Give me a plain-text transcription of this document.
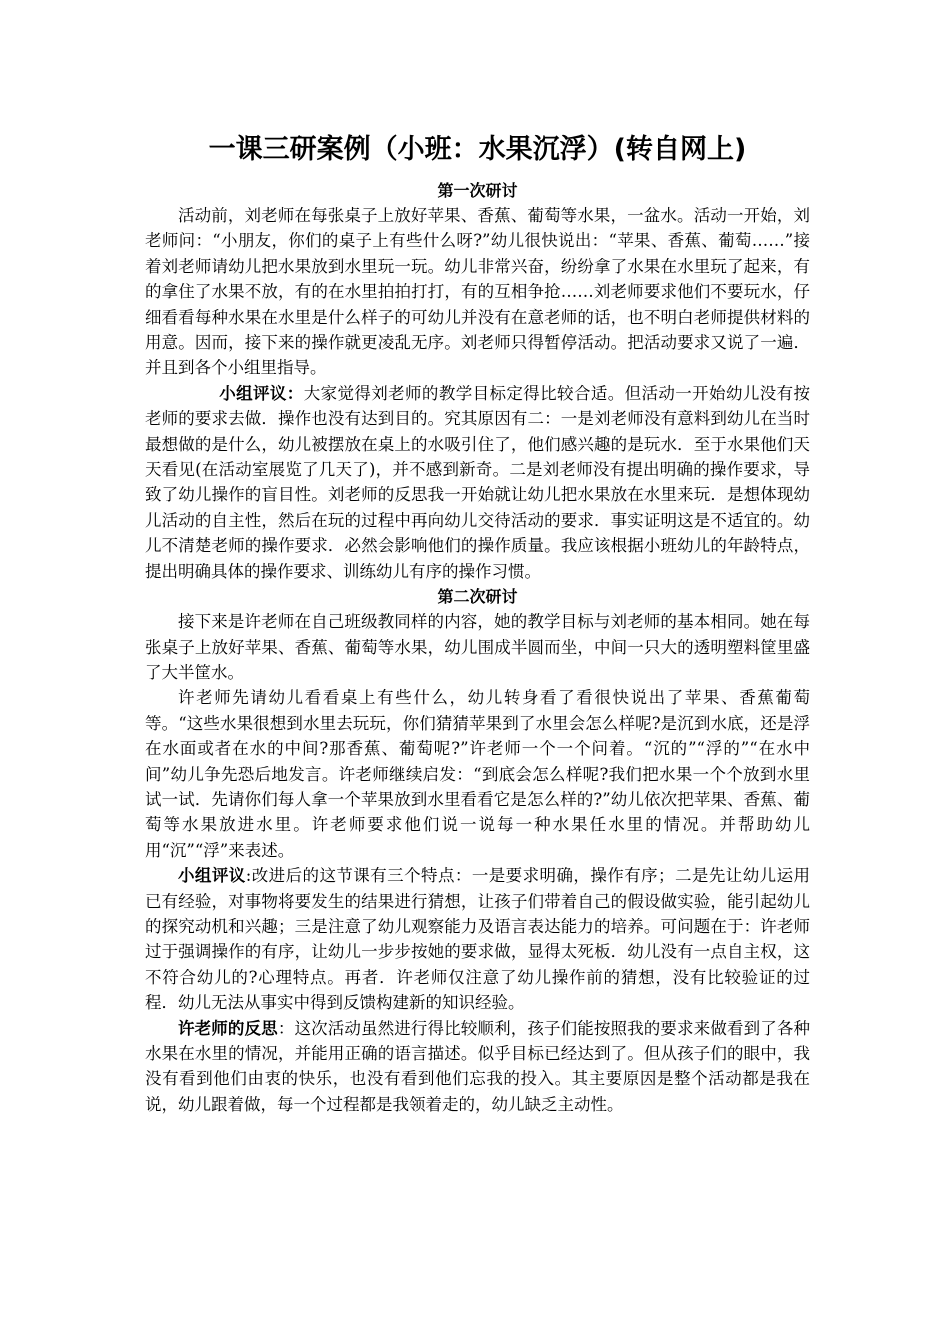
一课三研案例（小班：水果沉浮）(转自网上)
第一次研讨

活动前，刘老师在每张桌子上放好苹果、香蕉、葡萄等水果，一盆水。活动一开始，刘老师问：“小朋友，你们的桌子上有些什么呀?”幼儿很快说出：“苹果、香蕉、葡萄……”接着刘老师请幼儿把水果放到水里玩一玩。幼儿非常兴奋，纷纷拿了水果在水里玩了起来，有的拿住了水果不放，有的在水里拍拍打打，有的互相争抢……刘老师要求他们不要玩水，仔细看看每种水果在水里是什么样子的可幼儿并没有在意老师的话，也不明白老师提供材料的用意。因而，接下来的操作就更凌乱无序。刘老师只得暂停活动。把活动要求又说了一遍．并且到各个小组里指导。

小组评议：大家觉得刘老师的教学目标定得比较合适。但活动一开始幼儿没有按老师的要求去做．操作也没有达到目的。究其原因有二：一是刘老师没有意料到幼儿在当时最想做的是什么，幼儿被摆放在桌上的水吸引住了，他们感兴趣的是玩水．至于水果他们天天看见(在活动室展览了几天了)，并不感到新奇。二是刘老师没有提出明确的操作要求，导致了幼儿操作的盲目性。刘老师的反思我一开始就让幼儿把水果放在水里来玩．是想体现幼儿活动的自主性，然后在玩的过程中再向幼儿交待活动的要求．事实证明这是不适宜的。幼儿不清楚老师的操作要求．必然会影响他们的操作质量。我应该根据小班幼儿的年龄特点，提出明确具体的操作要求、训练幼儿有序的操作习惯。

第二次研讨

接下来是许老师在自己班级教同样的内容，她的教学目标与刘老师的基本相同。她在每张桌子上放好苹果、香蕉、葡萄等水果，幼儿围成半圆而坐，中间一只大的透明塑料筐里盛了大半筐水。

许老师先请幼儿看看桌上有些什么，幼儿转身看了看很快说出了苹果、香蕉葡萄等。“这些水果很想到水里去玩玩，你们猜猜苹果到了水里会怎么样呢?是沉到水底，还是浮在水面或者在水的中间?那香蕉、葡萄呢?”许老师一个一个问着。“沉的”“浮的”“在水中间”幼儿争先恐后地发言。许老师继续启发：“到底会怎么样呢?我们把水果一个个放到水里试一试．先请你们每人拿一个苹果放到水里看看它是怎么样的?”幼儿依次把苹果、香蕉、葡萄等水果放进水里。许老师要求他们说一说每一种水果任水里的情况。并帮助幼儿用“沉”“浮”来表述。

小组评议:改进后的这节课有三个特点：一是要求明确，操作有序；二是先让幼儿运用已有经验，对事物将要发生的结果进行猜想，让孩子们带着自己的假设做实验，能引起幼儿的探究动机和兴趣；三是注意了幼儿观察能力及语言表达能力的培养。可问题在于：许老师过于强调操作的有序，让幼儿一步步按她的要求做，显得太死板．幼儿没有一点自主权，这不符合幼儿的?心理特点。再者．许老师仅注意了幼儿操作前的猜想，没有比较验证的过程．幼儿无法从事实中得到反馈构建新的知识经验。

许老师的反思：这次活动虽然进行得比较顺利，孩子们能按照我的要求来做看到了各种水果在水里的情况，并能用正确的语言描述。似乎目标已经达到了。但从孩子们的眼中，我没有看到他们由衷的快乐，也没有看到他们忘我的投入。其主要原因是整个活动都是我在说，幼儿跟着做，每一个过程都是我领着走的，幼儿缺乏主动性。
